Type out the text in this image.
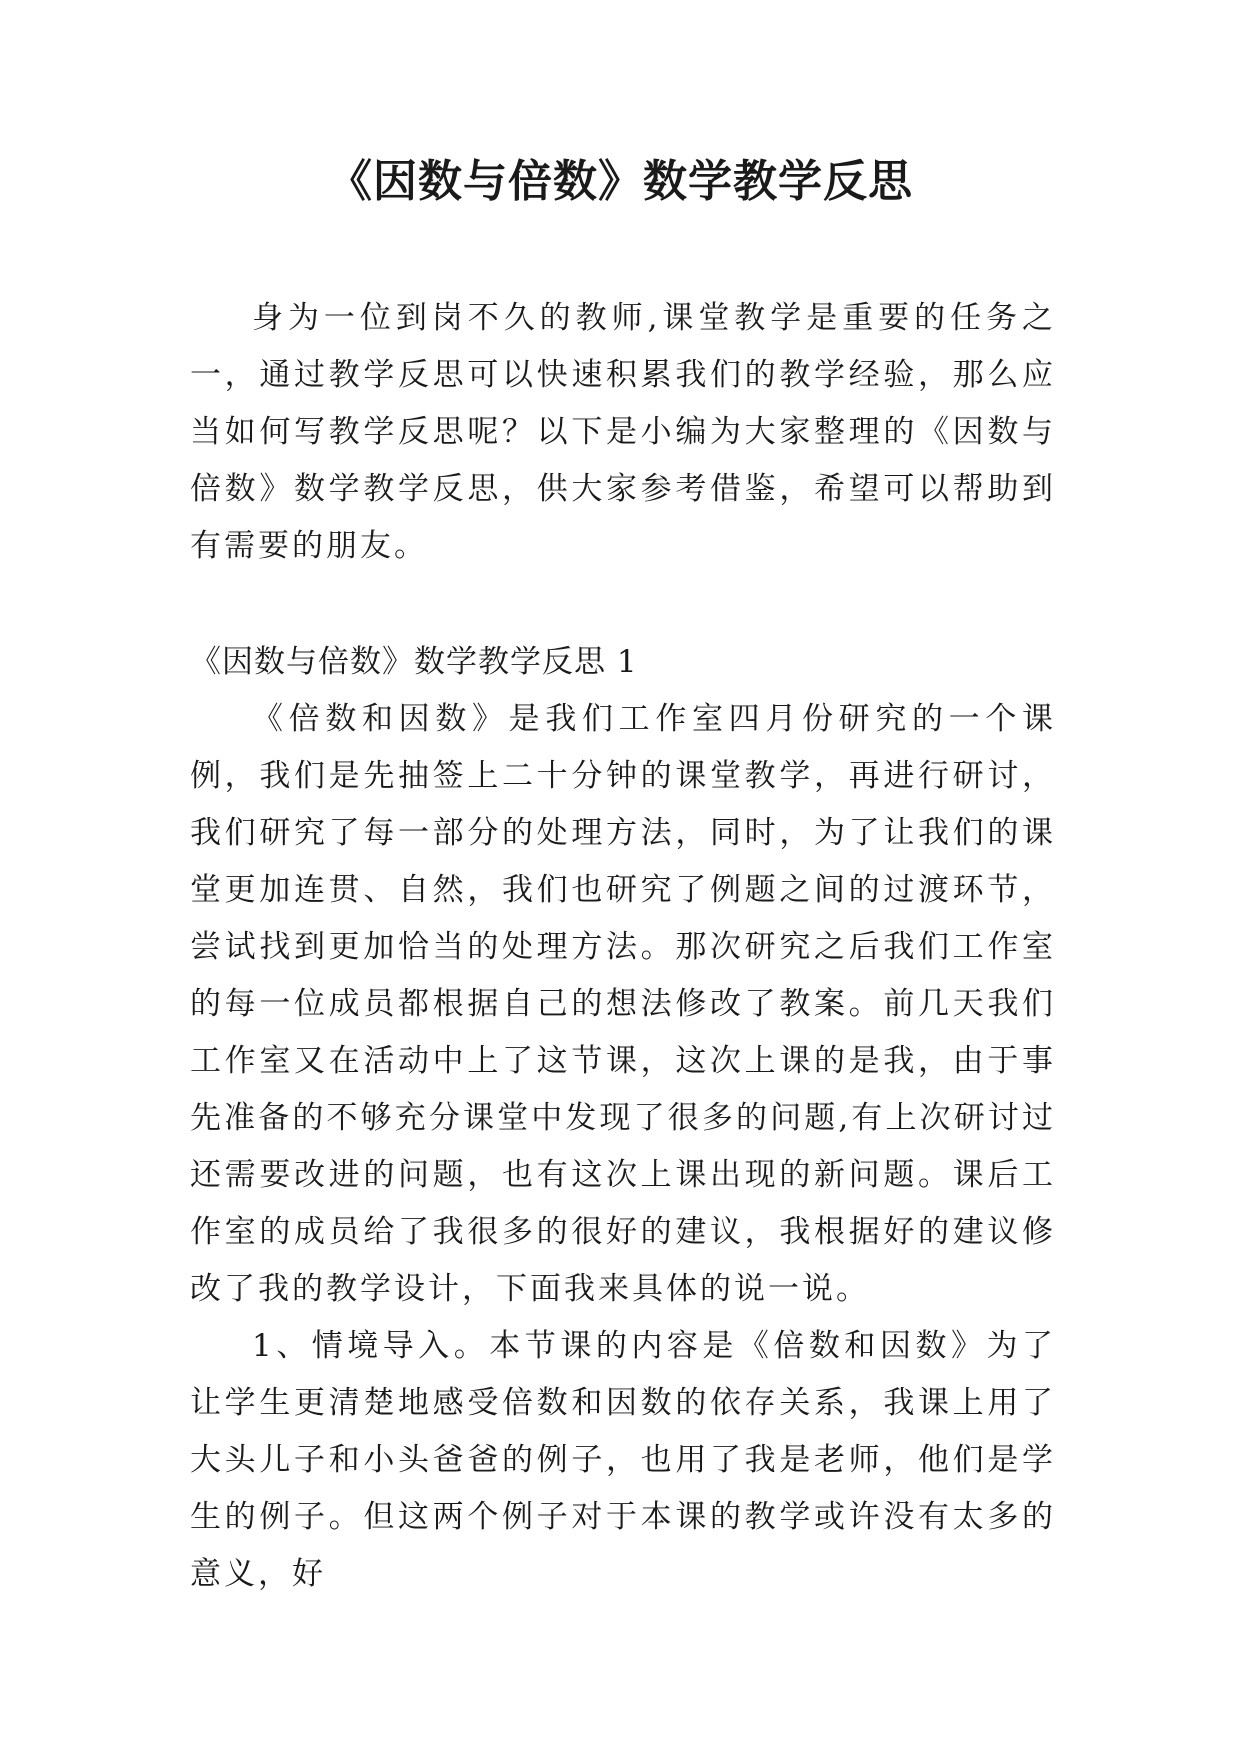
《因数与倍数》数学教学反思

身为一位到岗不久的教师,课堂教学是重要的任务之一，通过教学反思可以快速积累我们的教学经验，那么应当如何写教学反思呢？以下是小编为大家整理的《因数与倍数》数学教学反思，供大家参考借鉴，希望可以帮助到有需要的朋友。

《因数与倍数》数学教学反思 1

《倍数和因数》是我们工作室四月份研究的一个课例，我们是先抽签上二十分钟的课堂教学，再进行研讨，我们研究了每一部分的处理方法，同时，为了让我们的课堂更加连贯、自然，我们也研究了例题之间的过渡环节，尝试找到更加恰当的处理方法。那次研究之后我们工作室的每一位成员都根据自己的想法修改了教案。前几天我们工作室又在活动中上了这节课，这次上课的是我，由于事先准备的不够充分课堂中发现了很多的问题,有上次研讨过还需要改进的问题，也有这次上课出现的新问题。课后工作室的成员给了我很多的很好的建议，我根据好的建议修改了我的教学设计，下面我来具体的说一说。

1、情境导入。本节课的内容是《倍数和因数》为了让学生更清楚地感受倍数和因数的依存关系，我课上用了大头儿子和小头爸爸的例子，也用了我是老师，他们是学生的例子。但这两个例子对于本课的教学或许没有太多的意义，好
